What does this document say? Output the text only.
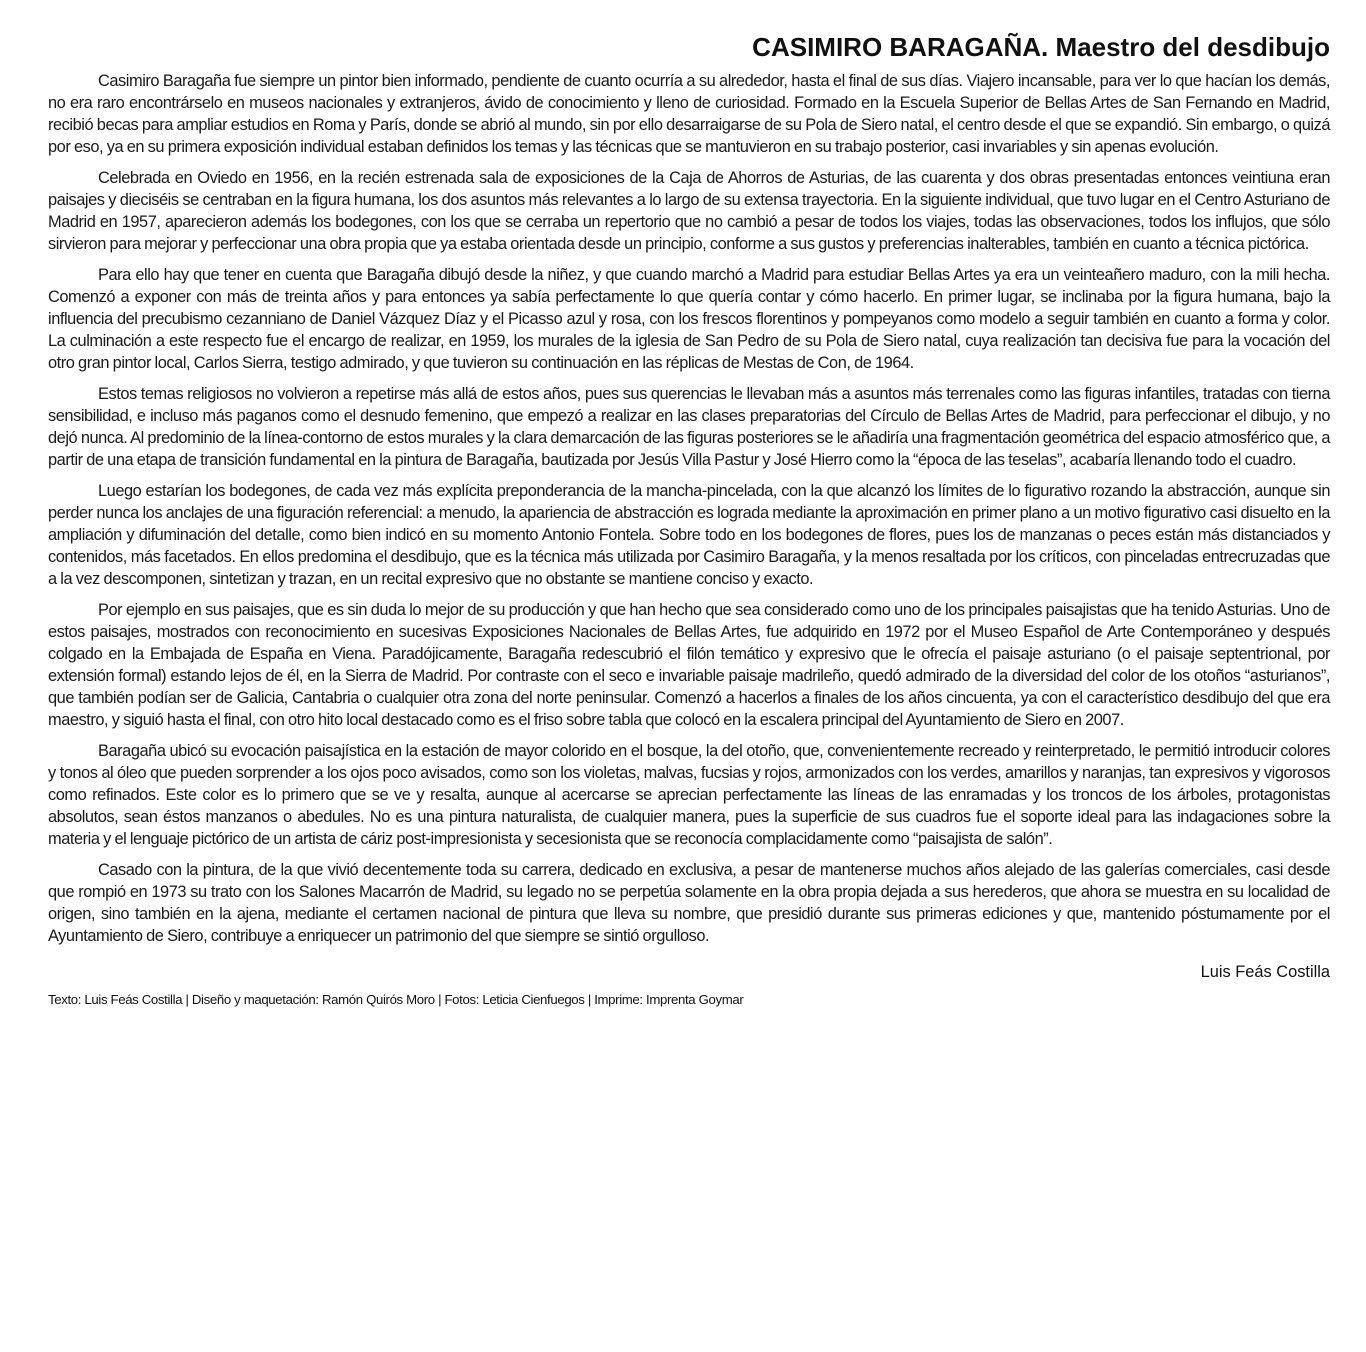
CASIMIRO BARAGAÑA. Maestro del desdibujo

Casimiro Baragaña fue siempre un pintor bien informado, pendiente de cuanto ocurría a su alrededor, hasta el final de sus días. Viajero incansable, para ver lo que hacían los demás, no era raro encontrárselo en museos nacionales y extranjeros, ávido de conocimiento y lleno de curiosidad. Formado en la Escuela Superior de Bellas Artes de San Fernando en Madrid, recibió becas para ampliar estudios en Roma y París, donde se abrió al mundo, sin por ello desarraigarse de su Pola de Siero natal, el centro desde el que se expandió. Sin embargo, o quizá por eso, ya en su primera exposición individual estaban definidos los temas y las técnicas que se mantuvieron en su trabajo posterior, casi invariables y sin apenas evolución.

Celebrada en Oviedo en 1956, en la recién estrenada sala de exposiciones de la Caja de Ahorros de Asturias, de las cuarenta y dos obras presentadas entonces veintiuna eran paisajes y dieciséis se centraban en la figura humana, los dos asuntos más relevantes a lo largo de su extensa trayectoria. En la siguiente individual, que tuvo lugar en el Centro Asturiano de Madrid en 1957, aparecieron además los bodegones, con los que se cerraba un repertorio que no cambió a pesar de todos los viajes, todas las observaciones, todos los influjos, que sólo sirvieron para mejorar y perfeccionar una obra propia que ya estaba orientada desde un principio, conforme a sus gustos y preferencias inalterables, también en cuanto a técnica pictórica.

Para ello hay que tener en cuenta que Baragaña dibujó desde la niñez, y que cuando marchó a Madrid para estudiar Bellas Artes ya era un veinteañero maduro, con la mili hecha. Comenzó a exponer con más de treinta años y para entonces ya sabía perfectamente lo que quería contar y cómo hacerlo. En primer lugar, se inclinaba por la figura humana, bajo la influencia del precubismo cezanniano de Daniel Vázquez Díaz y el Picasso azul y rosa, con los frescos florentinos y pompeyanos como modelo a seguir también en cuanto a forma y color. La culminación a este respecto fue el encargo de realizar, en 1959, los murales de la iglesia de San Pedro de su Pola de Siero natal, cuya realización tan decisiva fue para la vocación del otro gran pintor local, Carlos Sierra, testigo admirado, y que tuvieron su continuación en las réplicas de Mestas de Con, de 1964.

Estos temas religiosos no volvieron a repetirse más allá de estos años, pues sus querencias le llevaban más a asuntos más terrenales como las figuras infantiles, tratadas con tierna sensibilidad, e incluso más paganos como el desnudo femenino, que empezó a realizar en las clases preparatorias del Círculo de Bellas Artes de Madrid, para perfeccionar el dibujo, y no dejó nunca. Al predominio de la línea-contorno de estos murales y la clara demarcación de las figuras posteriores se le añadiría una fragmentación geométrica del espacio atmosférico que, a partir de una etapa de transición fundamental en la pintura de Baragaña, bautizada por Jesús Villa Pastur y José Hierro como la “época de las teselas”, acabaría llenando todo el cuadro.

Luego estarían los bodegones, de cada vez más explícita preponderancia de la mancha-pincelada, con la que alcanzó los límites de lo figurativo rozando la abstracción, aunque sin perder nunca los anclajes de una figuración referencial: a menudo, la apariencia de abstracción es lograda mediante la aproximación en primer plano a un motivo figurativo casi disuelto en la ampliación y difuminación del detalle, como bien indicó en su momento Antonio Fontela. Sobre todo en los bodegones de flores, pues los de manzanas o peces están más distanciados y contenidos, más facetados. En ellos predomina el desdibujo, que es la técnica más utilizada por Casimiro Baragaña, y la menos resaltada por los críticos, con pinceladas entrecruzadas que a la vez descomponen, sintetizan y trazan, en un recital expresivo que no obstante se mantiene conciso y exacto.

Por ejemplo en sus paisajes, que es sin duda lo mejor de su producción y que han hecho que sea considerado como uno de los principales paisajistas que ha tenido Asturias. Uno de estos paisajes, mostrados con reconocimiento en sucesivas Exposiciones Nacionales de Bellas Artes, fue adquirido en 1972 por el Museo Español de Arte Contemporáneo y después colgado en la Embajada de España en Viena. Paradójicamente, Baragaña redescubrió el filón temático y expresivo que le ofrecía el paisaje asturiano (o el paisaje septentrional, por extensión formal) estando lejos de él, en la Sierra de Madrid. Por contraste con el seco e invariable paisaje madrileño, quedó admirado de la diversidad del color de los otoños “asturianos”, que también podían ser de Galicia, Cantabria o cualquier otra zona del norte peninsular. Comenzó a hacerlos a finales de los años cincuenta, ya con el característico desdibujo del que era maestro, y siguió hasta el final, con otro hito local destacado como es el friso sobre tabla que colocó en la escalera principal del Ayuntamiento de Siero en 2007.

Baragaña ubicó su evocación paisajística en la estación de mayor colorido en el bosque, la del otoño, que, convenientemente recreado y reinterpretado, le permitió introducir colores y tonos al óleo que pueden sorprender a los ojos poco avisados, como son los violetas, malvas, fucsias y rojos, armonizados con los verdes, amarillos y naranjas, tan expresivos y vigorosos como refinados. Este color es lo primero que se ve y resalta, aunque al acercarse se aprecian perfectamente las líneas de las enramadas y los troncos de los árboles, protagonistas absolutos, sean éstos manzanos o abedules. No es una pintura naturalista, de cualquier manera, pues la superficie de sus cuadros fue el soporte ideal para las indagaciones sobre la materia y el lenguaje pictórico de un artista de cáriz post-impresionista y secesionista que se reconocía complacidamente como “paisajista de salón”.

Casado con la pintura, de la que vivió decentemente toda su carrera, dedicado en exclusiva, a pesar de mantenerse muchos años alejado de las galerías comerciales, casi desde que rompió en 1973 su trato con los Salones Macarrón de Madrid, su legado no se perpetúa solamente en la obra propia dejada a sus herederos, que ahora se muestra en su localidad de origen, sino también en la ajena, mediante el certamen nacional de pintura que lleva su nombre, que presidió durante sus primeras ediciones y que, mantenido póstumamente por el Ayuntamiento de Siero, contribuye a enriquecer un patrimonio del que siempre se sintió orgulloso.

Luis Feás Costilla

Texto: Luis Feás Costilla | Diseño y maquetación: Ramón Quirós Moro | Fotos: Leticia Cienfuegos | Imprime: Imprenta Goymar
